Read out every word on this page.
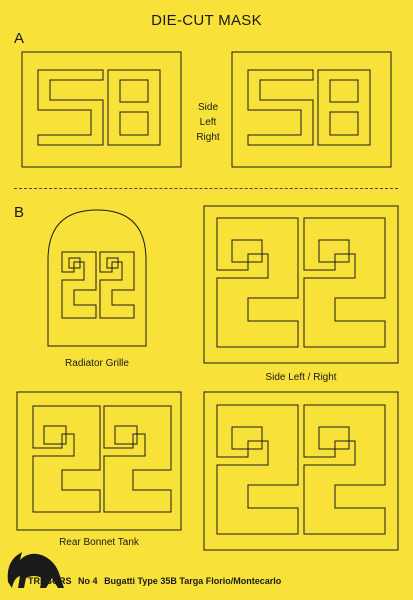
DIE-CUT MASK
A
B
Side
Left
Right
Radiator Grille
Side Left / Right
Rear Bonnet Tank
TRESORS No 4 Bugatti Type 35B Targa Florio/Montecarlo
